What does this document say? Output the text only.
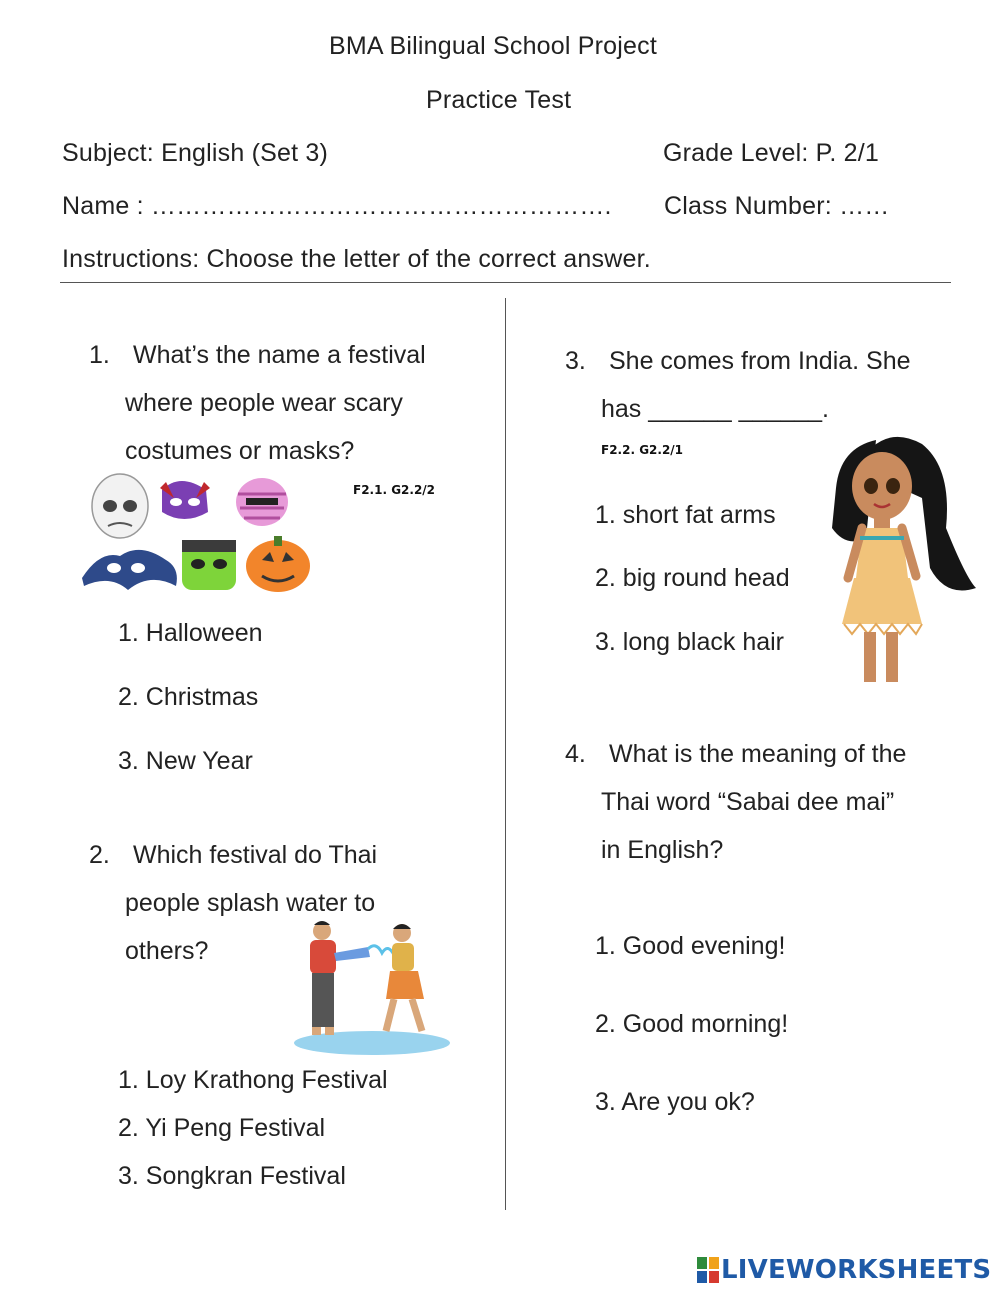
BMA Bilingual School Project
Practice Test
Subject: English (Set 3)	Grade Level: P. 2/1
Name : ………………………………………………. Class Number: ……
Instructions: Choose the letter of the correct answer.
1. What’s the name a festival
where people wear scary
costumes or masks?
F2.1. G2.2/2
1. Halloween
2. Christmas
3. New Year
2. Which festival do Thai
people splash water to
others?
1. Loy Krathong Festival
2. Yi Peng Festival
3. Songkran Festival
3. She comes from India. She
has ______ ______.
F2.2. G2.2/1
1. short fat arms
2. big round head
3. long black hair
4. What is the meaning of the
Thai word “Sabai dee mai”
in English?
1. Good evening!
2. Good morning!
3. Are you ok?
LIVEWORKSHEETS
